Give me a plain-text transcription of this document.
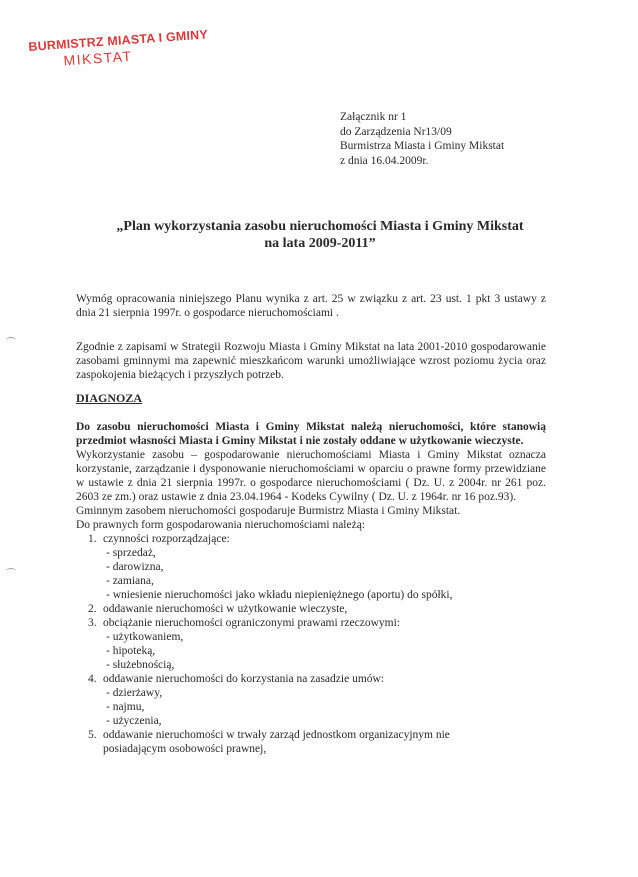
BURMISTRZ MIASTA I GMINY
MIKSTAT
Załącznik nr 1
do Zarządzenia Nr13/09
Burmistrza Miasta i Gminy Mikstat
z dnia 16.04.2009r.
„Plan wykorzystania zasobu nieruchomości Miasta i Gminy Mikstat
na lata 2009-2011”
Wymóg opracowania niniejszego Planu wynika z art. 25 w związku z art. 23 ust. 1 pkt 3 ustawy z dnia 21 sierpnia 1997r. o gospodarce nieruchomościami .
Zgodnie z zapisami w Strategii Rozwoju Miasta i Gminy Mikstat na lata 2001-2010 gospodarowanie zasobami gminnymi ma zapewnić mieszkańcom warunki umożliwiające wzrost poziomu życia oraz zaspokojenia bieżących i przyszłych potrzeb.
DIAGNOZA

Do zasobu nieruchomości Miasta i Gminy Mikstat należą nieruchomości, które stanowią przedmiot własności Miasta i Gminy Mikstat i nie zostały oddane w użytkowanie wieczyste.

Wykorzystanie zasobu – gospodarowanie nieruchomościami Miasta i Gminy Mikstat oznacza korzystanie, zarządzanie i dysponowanie nieruchomościami w oparciu o prawne formy przewidziane w ustawie z dnia 21 sierpnia 1997r. o gospodarce nieruchomościami ( Dz. U. z 2004r. nr 261 poz. 2603 ze zm.) oraz ustawie z dnia 23.04.1964 - Kodeks Cywilny ( Dz. U. z 1964r. nr 16 poz.93).

Gminnym zasobem nieruchomości gospodaruje Burmistrz Miasta i Gminy Mikstat.

Do prawnych form gospodarowania nieruchomościami należą:

1. czynności rozporządzające:
- sprzedaż,
- darowizna,
- zamiana,
- wniesienie nieruchomości jako wkładu niepieniężnego (aportu) do spółki,
2. oddawanie nieruchomości w użytkowanie wieczyste,
3. obciążanie nieruchomości ograniczonymi prawami rzeczowymi:
- użytkowaniem,
- hipoteką,
- służebnością,
4. oddawanie nieruchomości do korzystania na zasadzie umów:
- dzierżawy,
- najmu,
- użyczenia,
5. oddawanie nieruchomości w trwały zarząd jednostkom organizacyjnym nie
posiadającym osobowości prawnej,
